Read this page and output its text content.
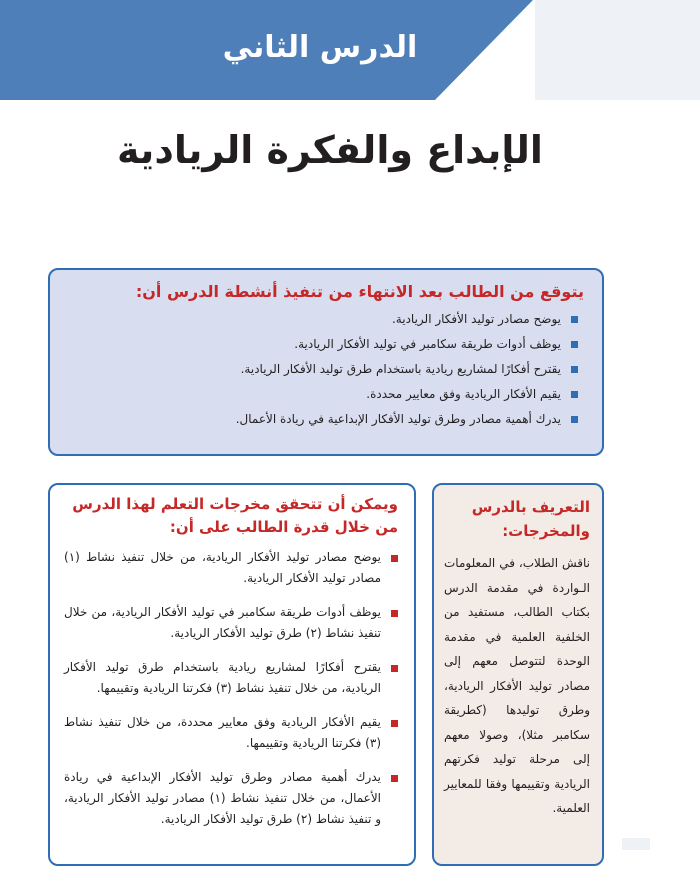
الدرس الثاني
الإبداع والفكرة الريادية
يتوقع من الطالب بعد الانتهاء من تنفيذ أنشطة الدرس أن:
يوضح مصادر توليد الأفكار الريادية.
يوظف أدوات طريقة سكامبر في توليد الأفكار الريادية.
يقترح أفكارًا لمشاريع ريادية باستخدام طرق توليد الأفكار الريادية.
يقيم الأفكار الريادية وفق معايير محددة.
يدرك أهمية مصادر وطرق توليد الأفكار الإبداعية في ريادة الأعمال.
التعريف بالدرس
والمخرجات:

ناقش الطلاب، في المعلومات الـواردة في مقدمة الدرس بكتاب الطالب، مستفيد من الخلفية العلمية في مقدمة الوحدة لتتوصل معهم إلى مصادر توليد الأفكار الريادية، وطرق توليدها (كطريقة سكامبر مثلا)، وصولا معهم إلى مرحلة توليد فكرتهم الريادية وتقييمها وفقا للمعايير العلمية.

ويمكن أن تتحقق مخرجات التعلم لهذا الدرس
من خلال قدرة الطالب على أن:
يوضح مصادر توليد الأفكار الريادية، من خلال تنفيذ نشاط (١) مصادر توليد الأفكار الريادية.
يوظف أدوات طريقة سكامبر في توليد الأفكار الريادية، من خلال تنفيذ نشاط (٢) طرق توليد الأفكار الريادية.
يقترح أفكارًا لمشاريع ريادية باستخدام طرق توليد الأفكار الريادية، من خلال تنفيذ نشاط (٣) فكرتنا الريادية وتقييمها.
يقيم الأفكار الريادية وفق معايير محددة، من خلال تنفيذ نشاط (٣) فكرتنا الريادية وتقييمها.
يدرك أهمية مصادر وطرق توليد الأفكار الإبداعية في ريادة الأعمال، من خلال تنفيذ نشاط (١) مصادر توليد الأفكار الريادية، و تنفيذ نشاط (٢) طرق توليد الأفكار الريادية.
